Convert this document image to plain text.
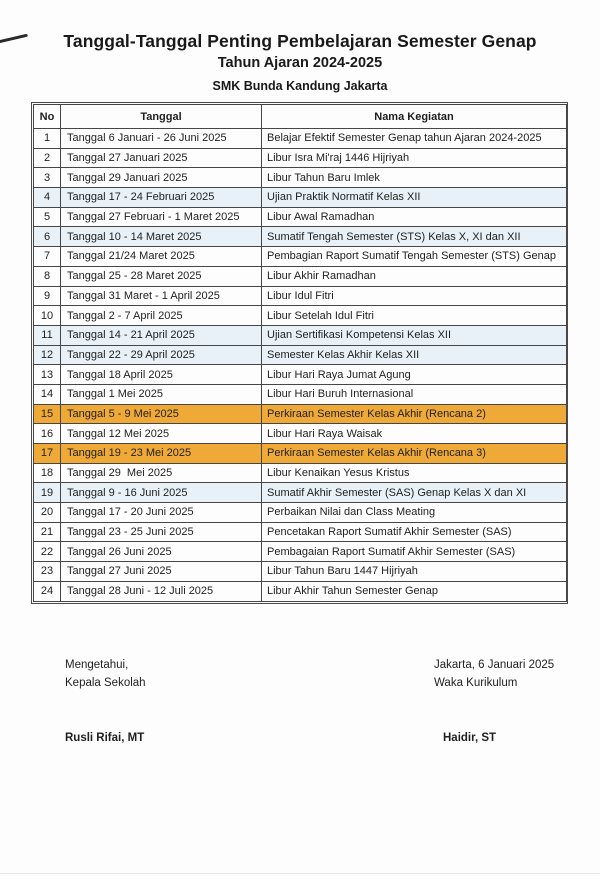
Tanggal-Tanggal Penting Pembelajaran Semester Genap
Tahun Ajaran 2024-2025
SMK Bunda Kandung Jakarta
No	Tanggal	Nama Kegiatan
1	Tanggal 6 Januari - 26 Juni 2025	Belajar Efektif Semester Genap tahun Ajaran 2024-2025
2	Tanggal 27 Januari 2025	Libur Isra Mi'raj 1446 Hijriyah
3	Tanggal 29 Januari 2025	Libur Tahun Baru Imlek
4	Tanggal 17 - 24 Februari 2025	Ujian Praktik Normatif Kelas XII
5	Tanggal 27 Februari - 1 Maret 2025	Libur Awal Ramadhan
6	Tanggal 10 - 14 Maret 2025	Sumatif Tengah Semester (STS) Kelas X, XI dan XII
7	Tanggal 21/24 Maret 2025	Pembagian Raport Sumatif Tengah Semester (STS) Genap
8	Tanggal 25 - 28 Maret 2025	Libur Akhir Ramadhan
9	Tanggal 31 Maret - 1 April 2025	Libur Idul Fitri
10	Tanggal 2 - 7 April 2025	Libur Setelah Idul Fitri
11	Tanggal 14 - 21 April 2025	Ujian Sertifikasi Kompetensi Kelas XII
12	Tanggal 22 - 29 April 2025	Semester Kelas Akhir Kelas XII
13	Tanggal 18 April 2025	Libur Hari Raya Jumat Agung
14	Tanggal 1 Mei 2025	Libur Hari Buruh Internasional
15	Tanggal 5 - 9 Mei 2025	Perkiraan Semester Kelas Akhir (Rencana 2)
16	Tanggal 12 Mei 2025	Libur Hari Raya Waisak
17	Tanggal 19 - 23 Mei 2025	Perkiraan Semester Kelas Akhir (Rencana 3)
18	Tanggal 29  Mei 2025	Libur Kenaikan Yesus Kristus
19	Tanggal 9 - 16 Juni 2025	Sumatif Akhir Semester (SAS) Genap Kelas X dan XI
20	Tanggal 17 - 20 Juni 2025	Perbaikan Nilai dan Class Meating
21	Tanggal 23 - 25 Juni 2025	Pencetakan Raport Sumatif Akhir Semester (SAS)
22	Tanggal 26 Juni 2025	Pembagaian Raport Sumatif Akhir Semester (SAS)
23	Tanggal 27 Juni 2025	Libur Tahun Baru 1447 Hijriyah
24	Tanggal 28 Juni - 12 Juli 2025	Libur Akhir Tahun Semester Genap
Mengetahui,
Kepala Sekolah
Jakarta, 6 Januari 2025
Waka Kurikulum
Rusli Rifai, MT	Haidir, ST
